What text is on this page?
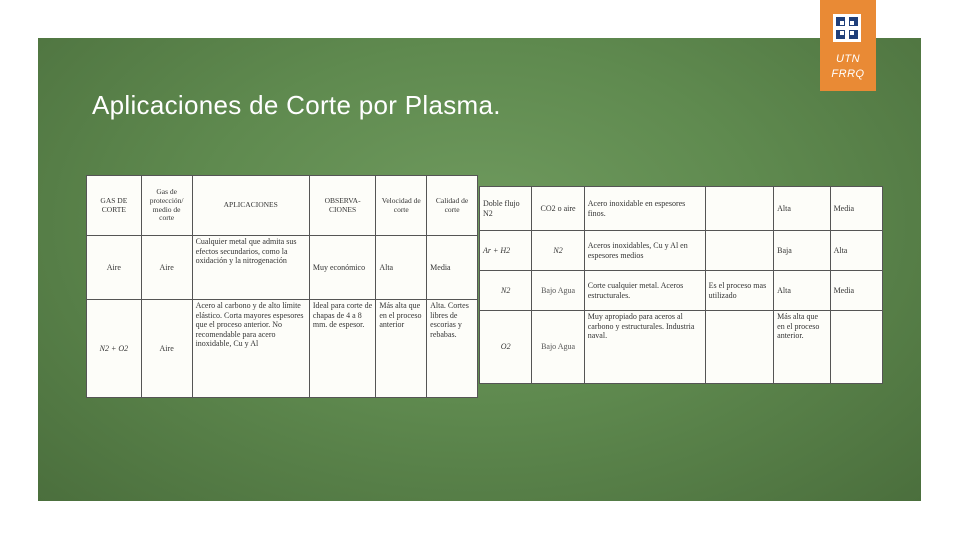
UTN
FRRQ
Aplicaciones de Corte por Plasma.
GAS DE CORTE	Gas de protección/ medio de corte	APLICACIONES	OBSERVA-CIONES	Velocidad de corte	Calidad de corte
Aire	Aire	Cualquier metal que admita sus efectos secundarios, como la oxidación y la nitrogenación	Muy económico	Alta	Media
N2 + O2	Aire	Acero al carbono y de alto límite elástico. Corta mayores espesores que el proceso anterior. No recomendable para acero inoxidable, Cu y Al	Ideal para corte de chapas de 4 a 8 mm. de espesor.	Más alta que en el proceso anterior	Alta. Cortes libres de escorias y rebabas.
Doble flujo N2	CO2 o aire	Acero inoxidable en espesores finos.		Alta	Media
Ar + H2	N2	Aceros inoxidables, Cu y Al en espesores medios		Baja	Alta
N2	Bajo Agua	Corte cualquier metal. Aceros estructurales.	Es el proceso mas utilizado	Alta	Media
O2	Bajo Agua	Muy apropiado para aceros al carbono y estructurales. Industria naval.		Más alta que en el proceso anterior.	
